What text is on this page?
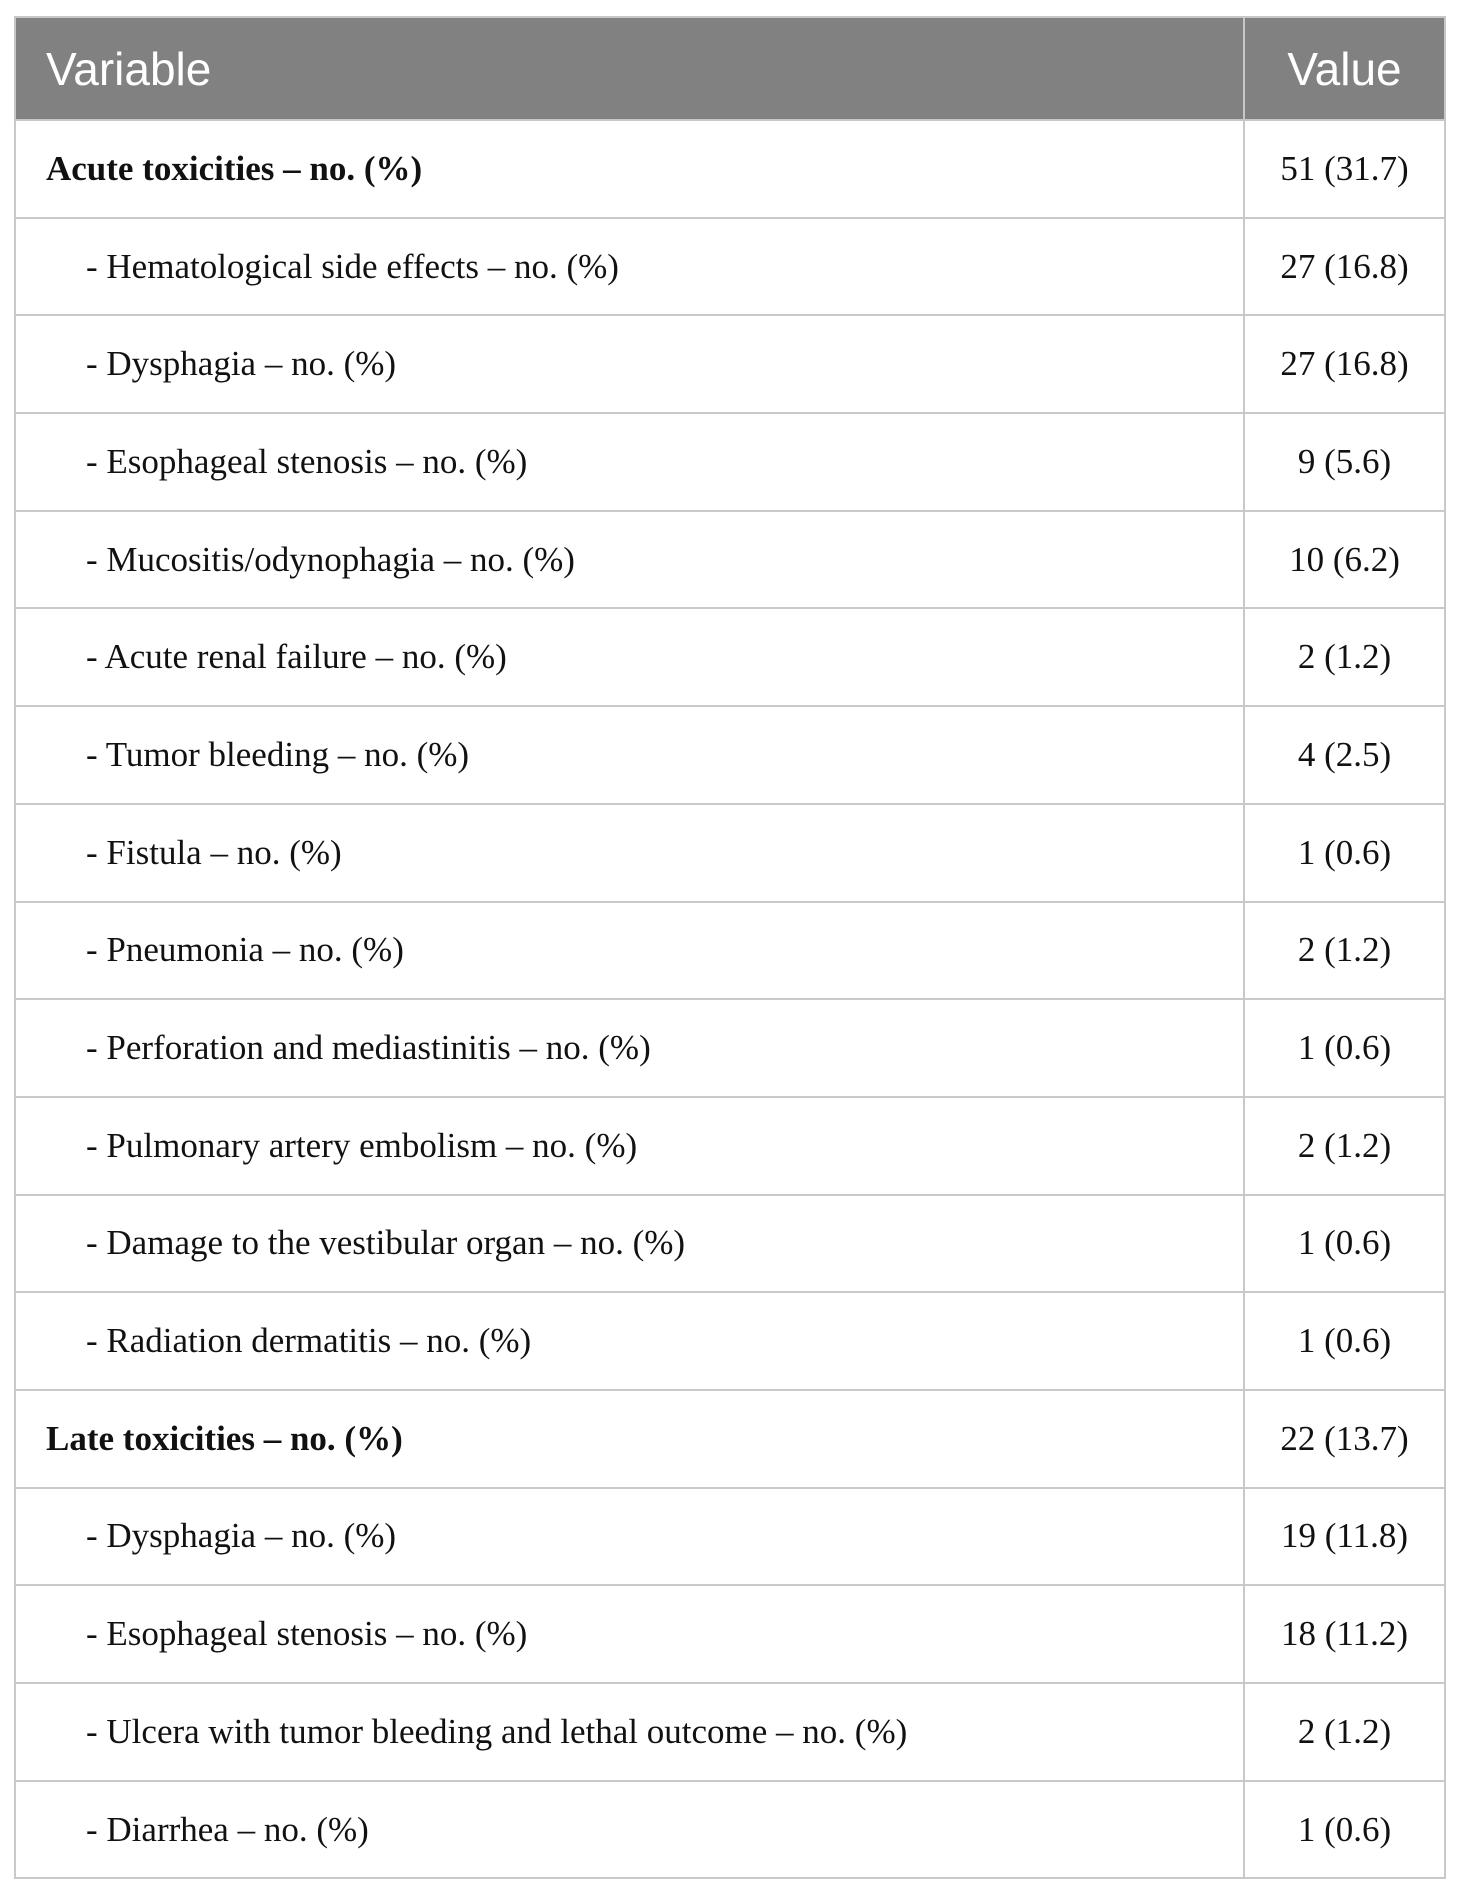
Variable	Value
Acute toxicities – no. (%)	51 (31.7)
- Hematological side effects – no. (%)	27 (16.8)
- Dysphagia – no. (%)	27 (16.8)
- Esophageal stenosis – no. (%)	9 (5.6)
- Mucositis/odynophagia – no. (%)	10 (6.2)
- Acute renal failure – no. (%)	2 (1.2)
- Tumor bleeding – no. (%)	4 (2.5)
- Fistula – no. (%)	1 (0.6)
- Pneumonia – no. (%)	2 (1.2)
- Perforation and mediastinitis – no. (%)	1 (0.6)
- Pulmonary artery embolism – no. (%)	2 (1.2)
- Damage to the vestibular organ – no. (%)	1 (0.6)
- Radiation dermatitis – no. (%)	1 (0.6)
Late toxicities – no. (%)	22 (13.7)
- Dysphagia – no. (%)	19 (11.8)
- Esophageal stenosis – no. (%)	18 (11.2)
- Ulcera with tumor bleeding and lethal outcome – no. (%)	2 (1.2)
- Diarrhea – no. (%)	1 (0.6)
